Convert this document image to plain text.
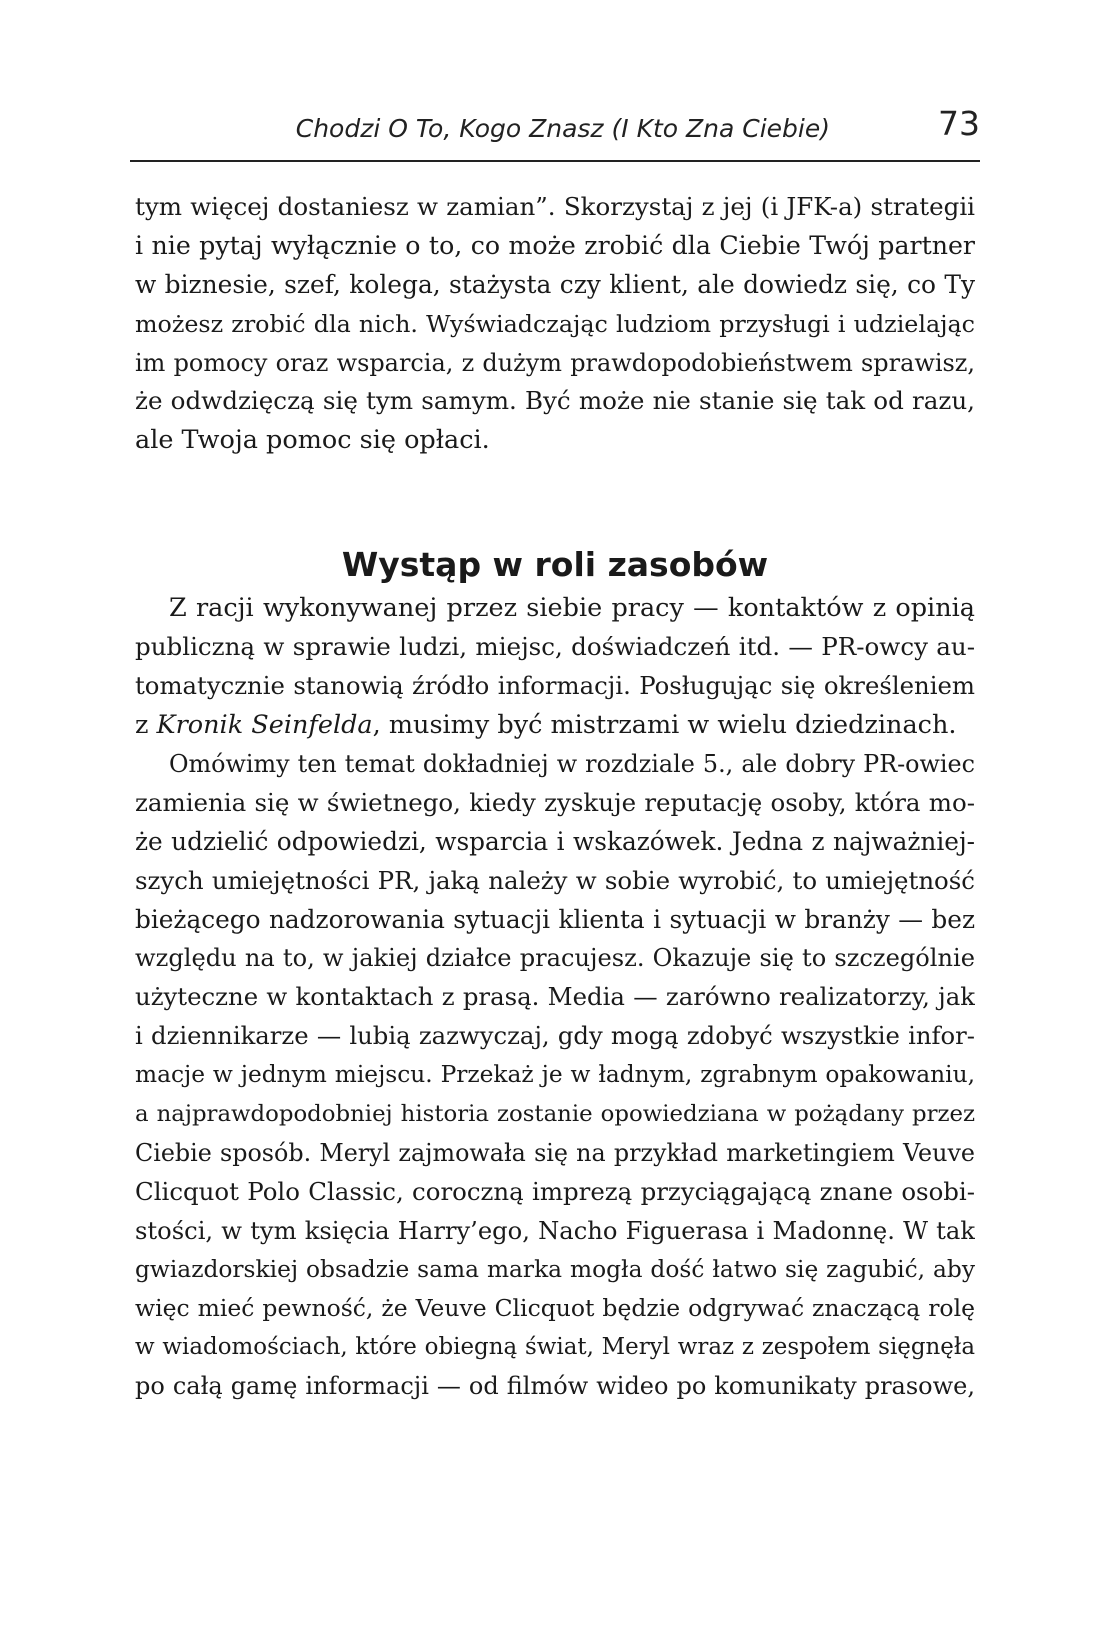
Chodzi O To, Kogo Znasz (I Kto Zna Ciebie)	73

tym więcej dostaniesz w zamian”. Skorzystaj z jej (i JFK-a) strategii
i nie pytaj wyłącznie o to, co może zrobić dla Ciebie Twój partner
w biznesie, szef, kolega, stażysta czy klient, ale dowiedz się, co Ty
możesz zrobić dla nich. Wyświadczając ludziom przysługi i udzielając
im pomocy oraz wsparcia, z dużym prawdopodobieństwem sprawisz,
że odwdzięczą się tym samym. Być może nie stanie się tak od razu,
ale Twoja pomoc się opłaci.

Wystąp w roli zasobów

Z racji wykonywanej przez siebie pracy — kontaktów z opinią
publiczną w sprawie ludzi, miejsc, doświadczeń itd. — PR-owcy au-
tomatycznie stanowią źródło informacji. Posługując się określeniem
z Kronik Seinfelda, musimy być mistrzami w wielu dziedzinach.

Omówimy ten temat dokładniej w rozdziale 5., ale dobry PR-owiec
zamienia się w świetnego, kiedy zyskuje reputację osoby, która mo-
że udzielić odpowiedzi, wsparcia i wskazówek. Jedna z najważniej-
szych umiejętności PR, jaką należy w sobie wyrobić, to umiejętność
bieżącego nadzorowania sytuacji klienta i sytuacji w branży — bez
względu na to, w jakiej działce pracujesz. Okazuje się to szczególnie
użyteczne w kontaktach z prasą. Media — zarówno realizatorzy, jak
i dziennikarze — lubią zazwyczaj, gdy mogą zdobyć wszystkie infor-
macje w jednym miejscu. Przekaż je w ładnym, zgrabnym opakowaniu,
a najprawdopodobniej historia zostanie opowiedziana w pożądany przez
Ciebie sposób. Meryl zajmowała się na przykład marketingiem Veuve
Clicquot Polo Classic, coroczną imprezą przyciągającą znane osobi-
stości, w tym księcia Harry’ego, Nacho Figuerasa i Madonnę. W tak
gwiazdorskiej obsadzie sama marka mogła dość łatwo się zagubić, aby
więc mieć pewność, że Veuve Clicquot będzie odgrywać znaczącą rolę
w wiadomościach, które obiegną świat, Meryl wraz z zespołem sięgnęła
po całą gamę informacji — od filmów wideo po komunikaty prasowe,
